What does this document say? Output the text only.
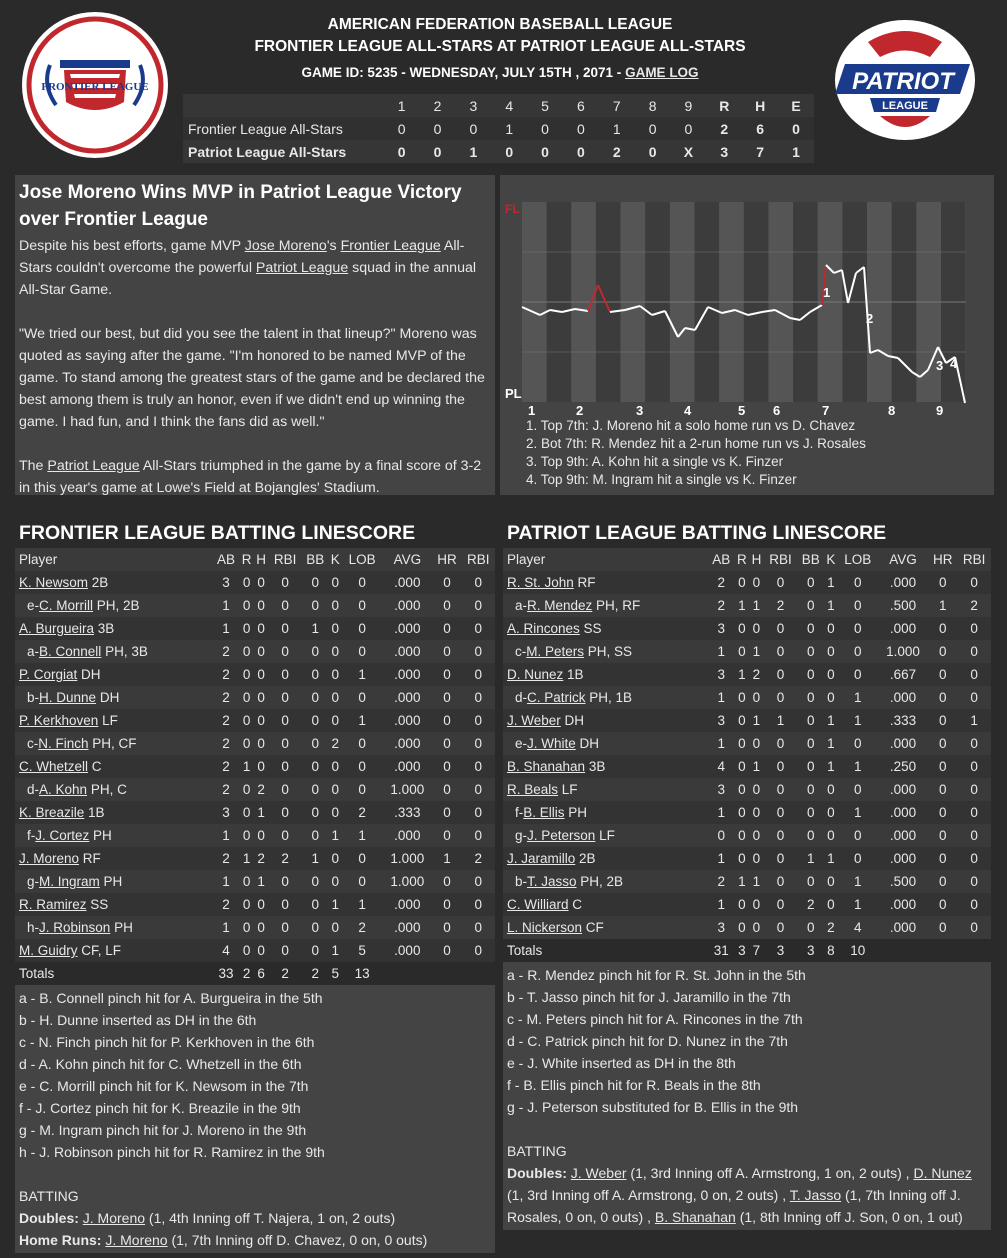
FRONTIER LEAGUE
AMERICAN FEDERATION BASEBALL LEAGUE
FRONTIER LEAGUE ALL-STARS AT PATRIOT LEAGUE ALL-STARS
GAME ID: 5235 - WEDNESDAY, JULY 15TH , 2071 - GAME LOG
	1	2	3	4	5	6	7	8	9	R	H	E
Frontier League All-Stars	0	0	0	1	0	0	1	0	0	2	6	0
Patriot League All-Stars	0	0	1	0	0	0	2	0	X	3	7	1
PATRIOT
LEAGUE
Jose Moreno Wins MVP in Patriot League Victory over Frontier League

Despite his best efforts, game MVP Jose Moreno's Frontier League All-Stars couldn't overcome the powerful Patriot League squad in the annual All-Star Game.

"We tried our best, but did you see the talent in that lineup?" Moreno was quoted as saying after the game. "I'm honored to be named MVP of the game. To stand among the greatest stars of the game and be declared the best among them is truly an honor, even if we didn't end up winning the game. I had fun, and I think the fans did as well."

The Patriot League All-Stars triumphed in the game by a final score of 3-2 in this year's game at Lowe's Field at Bojangles' Stadium.

FL
PL
1	2	3	4	5 6	7	8	9
1
2
3 4
1. Top 7th: J. Moreno hit a solo home run vs D. Chavez
2. Bot 7th: R. Mendez hit a 2-run home run vs J. Rosales
3. Top 9th: A. Kohn hit a single vs K. Finzer
4. Top 9th: M. Ingram hit a single vs K. Finzer
FRONTIER LEAGUE BATTING LINESCORE
Player	AB	R	H	RBI	BB	K	LOB	AVG	HR	RBI
K. Newsom 2B	3	0	0	0	0	0	0	.000	0	0
e-C. Morrill PH, 2B	1	0	0	0	0	0	0	.000	0	0
A. Burgueira 3B	1	0	0	0	1	0	0	.000	0	0
a-B. Connell PH, 3B	2	0	0	0	0	0	0	.000	0	0
P. Corgiat DH	2	0	0	0	0	0	1	.000	0	0
b-H. Dunne DH	2	0	0	0	0	0	0	.000	0	0
P. Kerkhoven LF	2	0	0	0	0	0	1	.000	0	0
c-N. Finch PH, CF	2	0	0	0	0	2	0	.000	0	0
C. Whetzell C	2	1	0	0	0	0	0	.000	0	0
d-A. Kohn PH, C	2	0	2	0	0	0	0	1.000	0	0
K. Breazile 1B	3	0	1	0	0	0	2	.333	0	0
f-J. Cortez PH	1	0	0	0	0	1	1	.000	0	0
J. Moreno RF	2	1	2	2	1	0	0	1.000	1	2
g-M. Ingram PH	1	0	1	0	0	0	0	1.000	0	0
R. Ramirez SS	2	0	0	0	0	1	1	.000	0	0
h-J. Robinson PH	1	0	0	0	0	0	2	.000	0	0
M. Guidry CF, LF	4	0	0	0	0	1	5	.000	0	0
Totals	33	2	6	2	2	5	13			
a - B. Connell pinch hit for A. Burgueira in the 5th
b - H. Dunne inserted as DH in the 6th
c - N. Finch pinch hit for P. Kerkhoven in the 6th
d - A. Kohn pinch hit for C. Whetzell in the 6th
e - C. Morrill pinch hit for K. Newsom in the 7th
f - J. Cortez pinch hit for K. Breazile in the 9th
g - M. Ingram pinch hit for J. Moreno in the 9th
h - J. Robinson pinch hit for R. Ramirez in the 9th
BATTING
Doubles: J. Moreno (1, 4th Inning off T. Najera, 1 on, 2 outs)
Home Runs: J. Moreno (1, 7th Inning off D. Chavez, 0 on, 0 outs)
PATRIOT LEAGUE BATTING LINESCORE
Player	AB	R	H	RBI	BB	K	LOB	AVG	HR	RBI
R. St. John RF	2	0	0	0	0	1	0	.000	0	0
a-R. Mendez PH, RF	2	1	1	2	0	1	0	.500	1	2
A. Rincones SS	3	0	0	0	0	0	0	.000	0	0
c-M. Peters PH, SS	1	0	1	0	0	0	0	1.000	0	0
D. Nunez 1B	3	1	2	0	0	0	0	.667	0	0
d-C. Patrick PH, 1B	1	0	0	0	0	0	1	.000	0	0
J. Weber DH	3	0	1	1	0	1	1	.333	0	1
e-J. White DH	1	0	0	0	0	1	0	.000	0	0
B. Shanahan 3B	4	0	1	0	0	1	1	.250	0	0
R. Beals LF	3	0	0	0	0	0	0	.000	0	0
f-B. Ellis PH	1	0	0	0	0	0	1	.000	0	0
g-J. Peterson LF	0	0	0	0	0	0	0	.000	0	0
J. Jaramillo 2B	1	0	0	0	1	1	0	.000	0	0
b-T. Jasso PH, 2B	2	1	1	0	0	0	1	.500	0	0
C. Williard C	1	0	0	0	2	0	1	.000	0	0
L. Nickerson CF	3	0	0	0	0	2	4	.000	0	0
Totals	31	3	7	3	3	8	10			
a - R. Mendez pinch hit for R. St. John in the 5th
b - T. Jasso pinch hit for J. Jaramillo in the 7th
c - M. Peters pinch hit for A. Rincones in the 7th
d - C. Patrick pinch hit for D. Nunez in the 7th
e - J. White inserted as DH in the 8th
f - B. Ellis pinch hit for R. Beals in the 8th
g - J. Peterson substituted for B. Ellis in the 9th
BATTING
Doubles: J. Weber (1, 3rd Inning off A. Armstrong, 1 on, 2 outs) , D. Nunez (1, 3rd Inning off A. Armstrong, 0 on, 2 outs) , T. Jasso (1, 7th Inning off J. Rosales, 0 on, 0 outs) , B. Shanahan (1, 8th Inning off J. Son, 0 on, 1 out)
